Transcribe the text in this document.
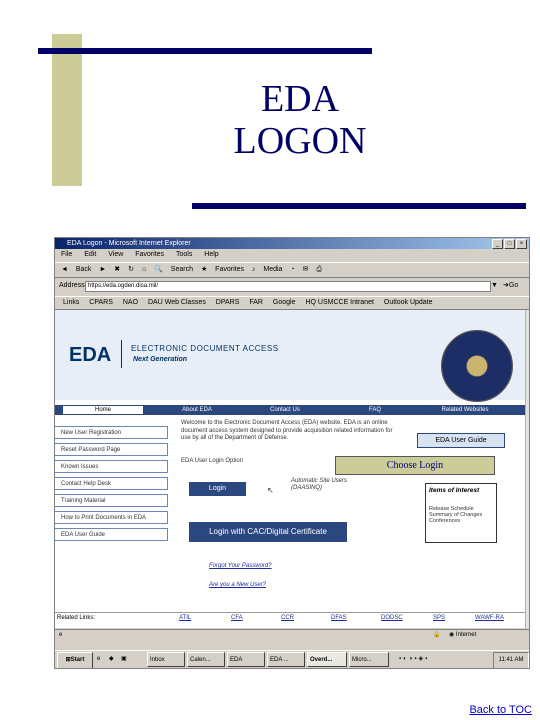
EDA
LOGON
EDA Logon - Microsoft Internet Explorer	_	□	×
File Edit View Favorites Tools Help
◄ Back ► ✖ ↻ ⌂ 🔍 Search ★ Favorites ♪ Media ◔ ✉ ⎙
Address https://eda.ogden.disa.mil/	▼ ➜Go
Links CPARS NAO DAU Web Classes DPARS FAR Google HQ USMCCE Intranet Outlook Update
EDA ELECTRONIC DOCUMENT ACCESS
Next Generation
Home	About EDA	Contact Us	FAQ	Related Websites
New User Registration
Reset Password Page
Known Issues
Contact Help Desk
Training Material
How to Print Documents in EDA
EDA User Guide
Welcome to the Electronic Document Access (EDA) website. EDA is an online document access system designed to provide acquisition related information for use by all of the Department of Defense.
EDA User Login Option
Login	↖
Automatic Site Users (DAASINQ)
Login with CAC/Digital Certificate
Forgot Your Password?
Are you a New User?
EDA User Guide
Items of Interest
Release Schedule Summary of Changes Conferences
Related Links:	ATIL	CFA	CCR	DFAS	DODSC	SPS	WAWF-RA
Choose Login
e	🔒 ◉ Internet
⊞Start	e ◆ ▣	Inbox	Calen...	EDA	EDA ...	Overd...	Micro...	▪◐◑▪◈▪	11:41 AM
Back to TOC
